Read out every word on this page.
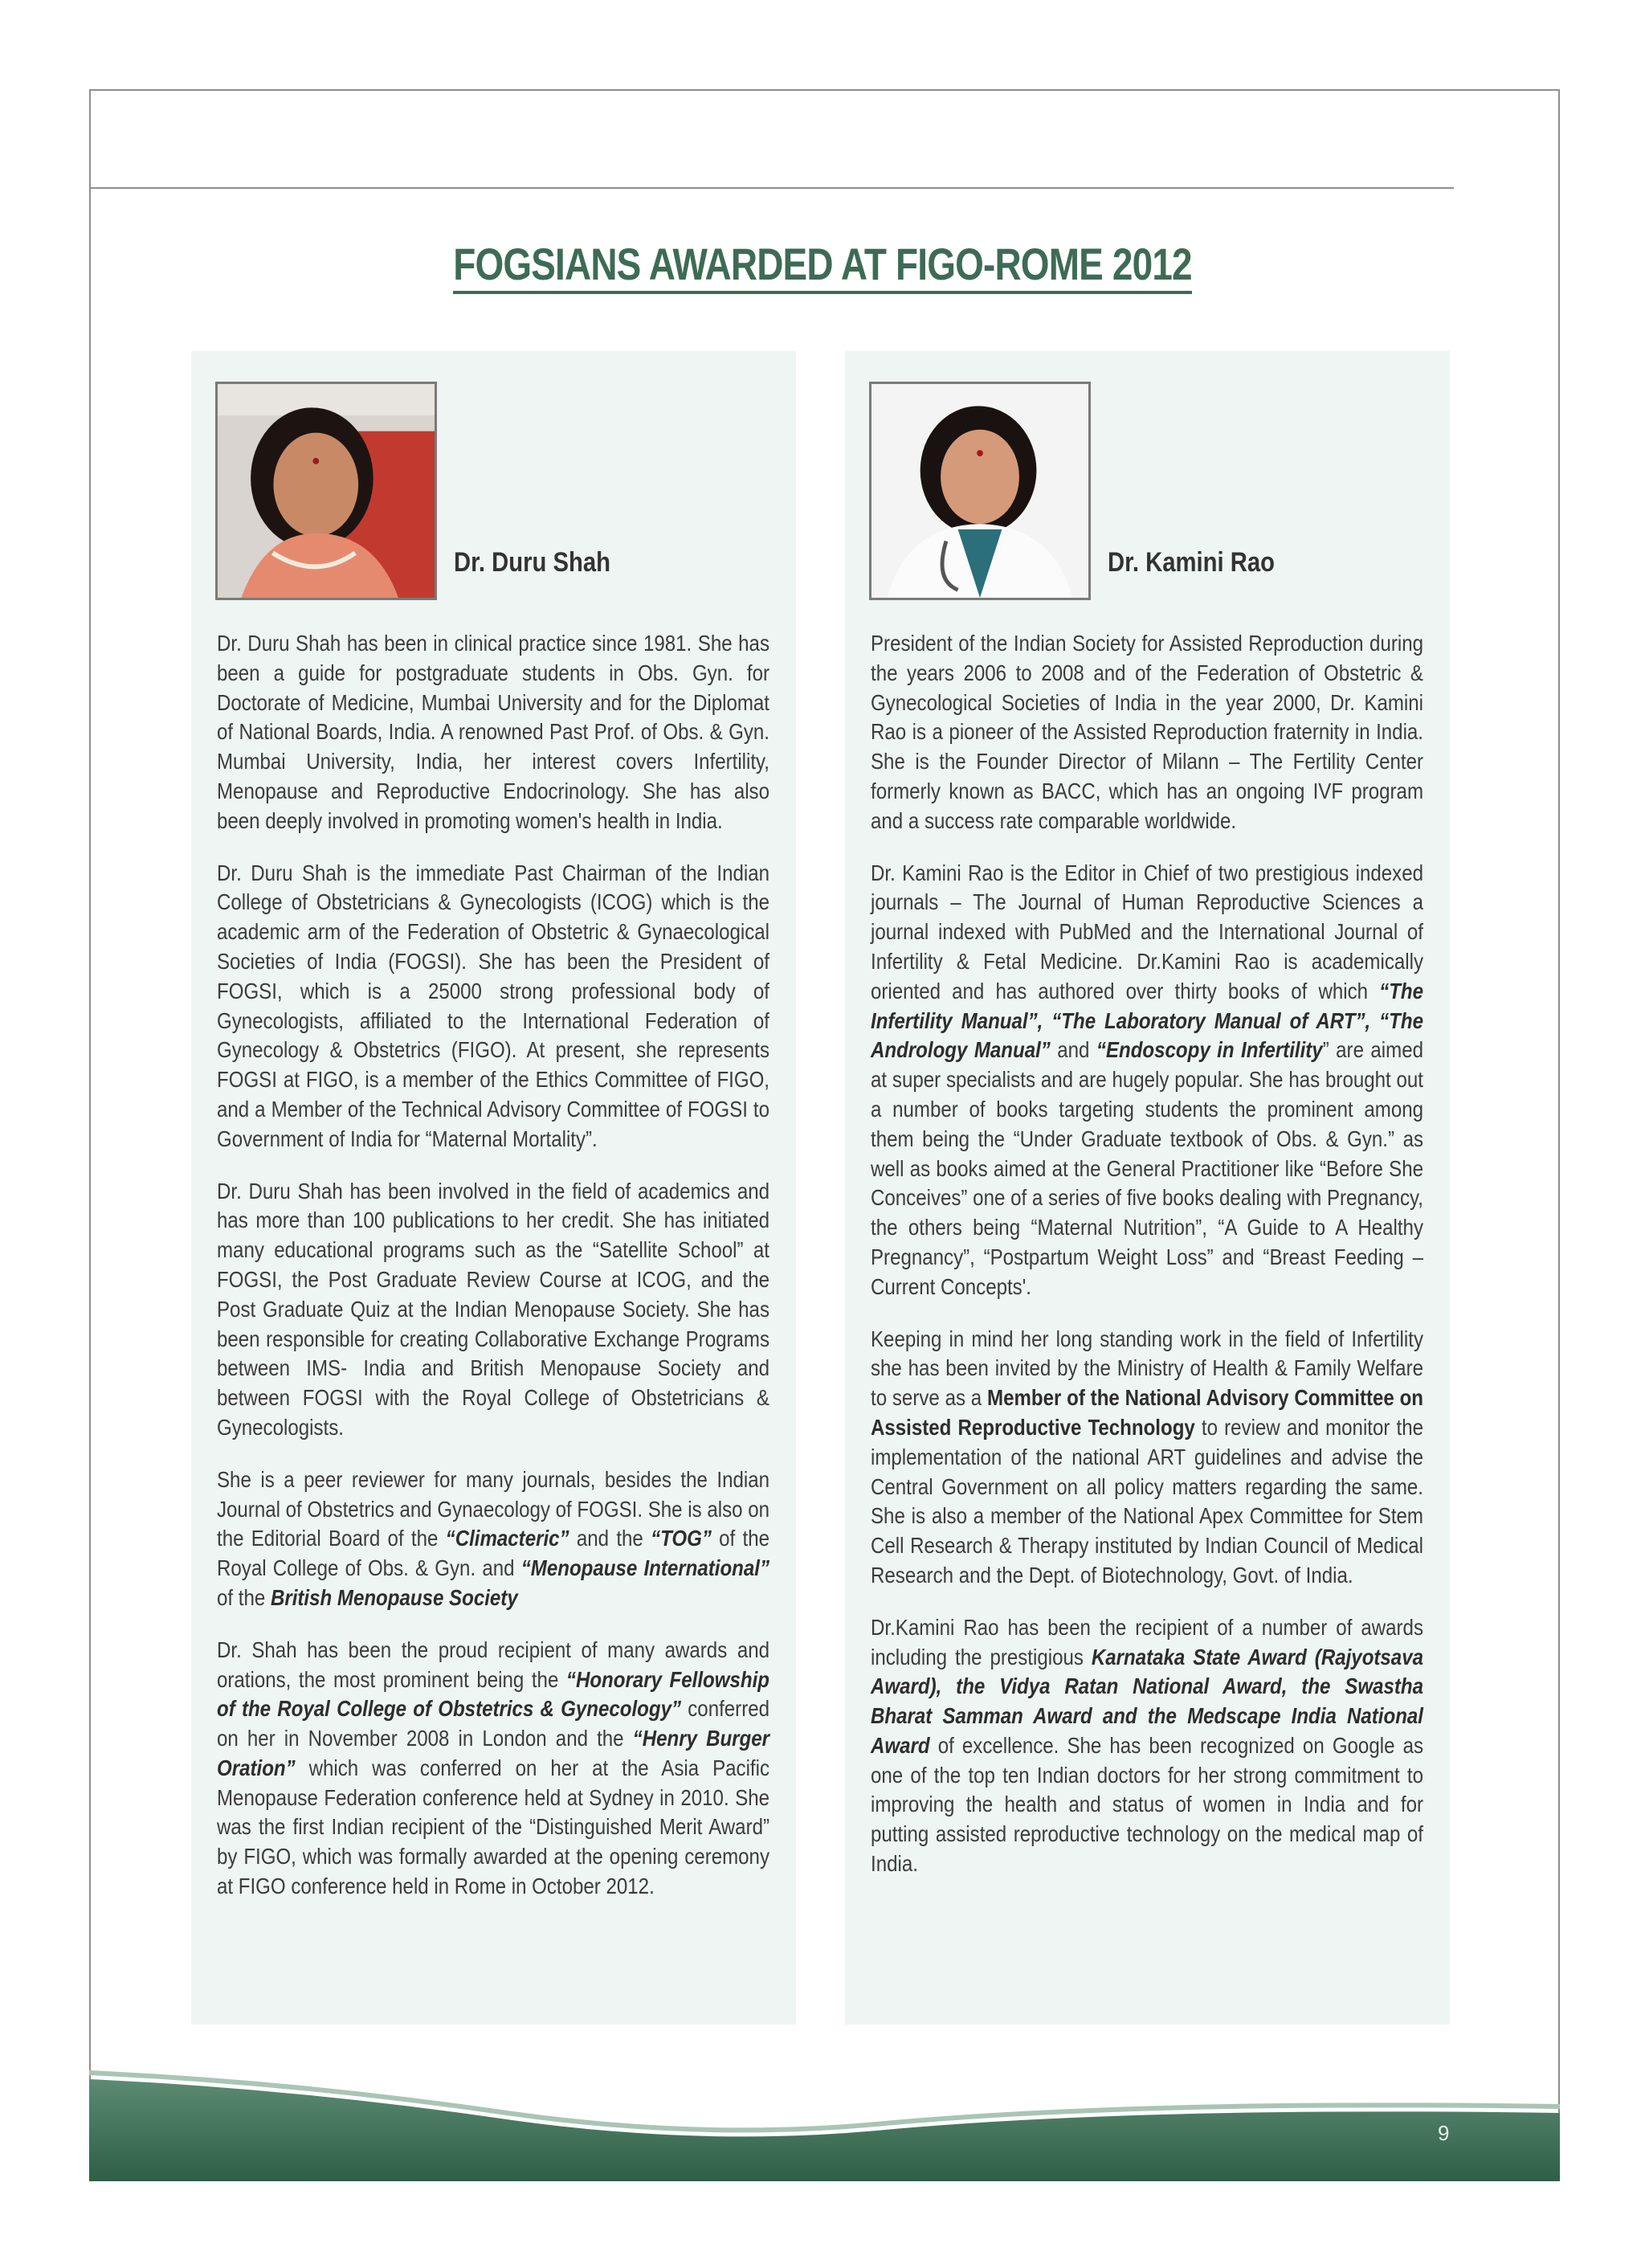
FOGSIANS AWARDED AT FIGO-ROME 2012
Dr. Duru Shah

Dr. Duru Shah has been in clinical practice since 1981. She has been a guide for postgraduate students in Obs. Gyn. for Doctorate of Medicine, Mumbai University and for the Diplomat of National Boards, India. A renowned Past Prof. of Obs. & Gyn. Mumbai University, India, her interest covers Infertility, Menopause and Reproductive Endocrinology. She has also been deeply involved in promoting women's health in India.

Dr. Duru Shah is the immediate Past Chairman of the Indian College of Obstetricians & Gynecologists (ICOG) which is the academic arm of the Federation of Obstetric & Gynaecological Societies of India (FOGSI). She has been the President of FOGSI, which is a 25000 strong professional body of Gynecologists, affiliated to the International Federation of Gynecology & Obstetrics (FIGO). At present, she represents FOGSI at FIGO, is a member of the Ethics Committee of FIGO, and a Member of the Technical Advisory Committee of FOGSI to Government of India for “Maternal Mortality”.

Dr. Duru Shah has been involved in the field of academics and has more than 100 publications to her credit. She has initiated many educational programs such as the “Satellite School” at FOGSI, the Post Graduate Review Course at ICOG, and the Post Graduate Quiz at the Indian Menopause Society. She has been responsible for creating Collaborative Exchange Programs between IMS- India and British Menopause Society and between FOGSI with the Royal College of Obstetricians & Gynecologists.

She is a peer reviewer for many journals, besides the Indian Journal of Obstetrics and Gynaecology of FOGSI. She is also on the Editorial Board of the “Climacteric” and the “TOG” of the Royal College of Obs. & Gyn. and “Menopause International” of the British Menopause Society

Dr. Shah has been the proud recipient of many awards and orations, the most prominent being the “Honorary Fellowship of the Royal College of Obstetrics & Gynecology” conferred on her in November 2008 in London and the “Henry Burger Oration” which was conferred on her at the Asia Pacific Menopause Federation conference held at Sydney in 2010. She was the first Indian recipient of the “Distinguished Merit Award” by FIGO, which was formally awarded at the opening ceremony at FIGO conference held in Rome in October 2012.

Dr. Kamini Rao

President of the Indian Society for Assisted Reproduction during the years 2006 to 2008 and of the Federation of Obstetric & Gynecological Societies of India in the year 2000, Dr. Kamini Rao is a pioneer of the Assisted Reproduction fraternity in India. She is the Founder Director of Milann – The Fertility Center formerly known as BACC, which has an ongoing IVF program and a success rate comparable worldwide.

Dr. Kamini Rao is the Editor in Chief of two prestigious indexed journals – The Journal of Human Reproductive Sciences a journal indexed with PubMed and the International Journal of Infertility & Fetal Medicine. Dr.Kamini Rao is academically oriented and has authored over thirty books of which “The Infertility Manual”, “The Laboratory Manual of ART”, “The Andrology Manual” and “Endoscopy in Infertility” are aimed at super specialists and are hugely popular. She has brought out a number of books targeting students the prominent among them being the “Under Graduate textbook of Obs. & Gyn.” as well as books aimed at the General Practitioner like “Before She Conceives” one of a series of five books dealing with Pregnancy, the others being “Maternal Nutrition”, “A Guide to A Healthy Pregnancy”, “Postpartum Weight Loss” and “Breast Feeding – Current Concepts'.

Keeping in mind her long standing work in the field of Infertility she has been invited by the Ministry of Health & Family Welfare to serve as a Member of the National Advisory Committee on Assisted Reproductive Technology to review and monitor the implementation of the national ART guidelines and advise the Central Government on all policy matters regarding the same. She is also a member of the National Apex Committee for Stem Cell Research & Therapy instituted by Indian Council of Medical Research and the Dept. of Biotechnology, Govt. of India.

Dr.Kamini Rao has been the recipient of a number of awards including the prestigious Karnataka State Award (Rajyotsava Award), the Vidya Ratan National Award, the Swastha Bharat Samman Award and the Medscape India National Award of excellence. She has been recognized on Google as one of the top ten Indian doctors for her strong commitment to improving the health and status of women in India and for putting assisted reproductive technology on the medical map of India.

9
